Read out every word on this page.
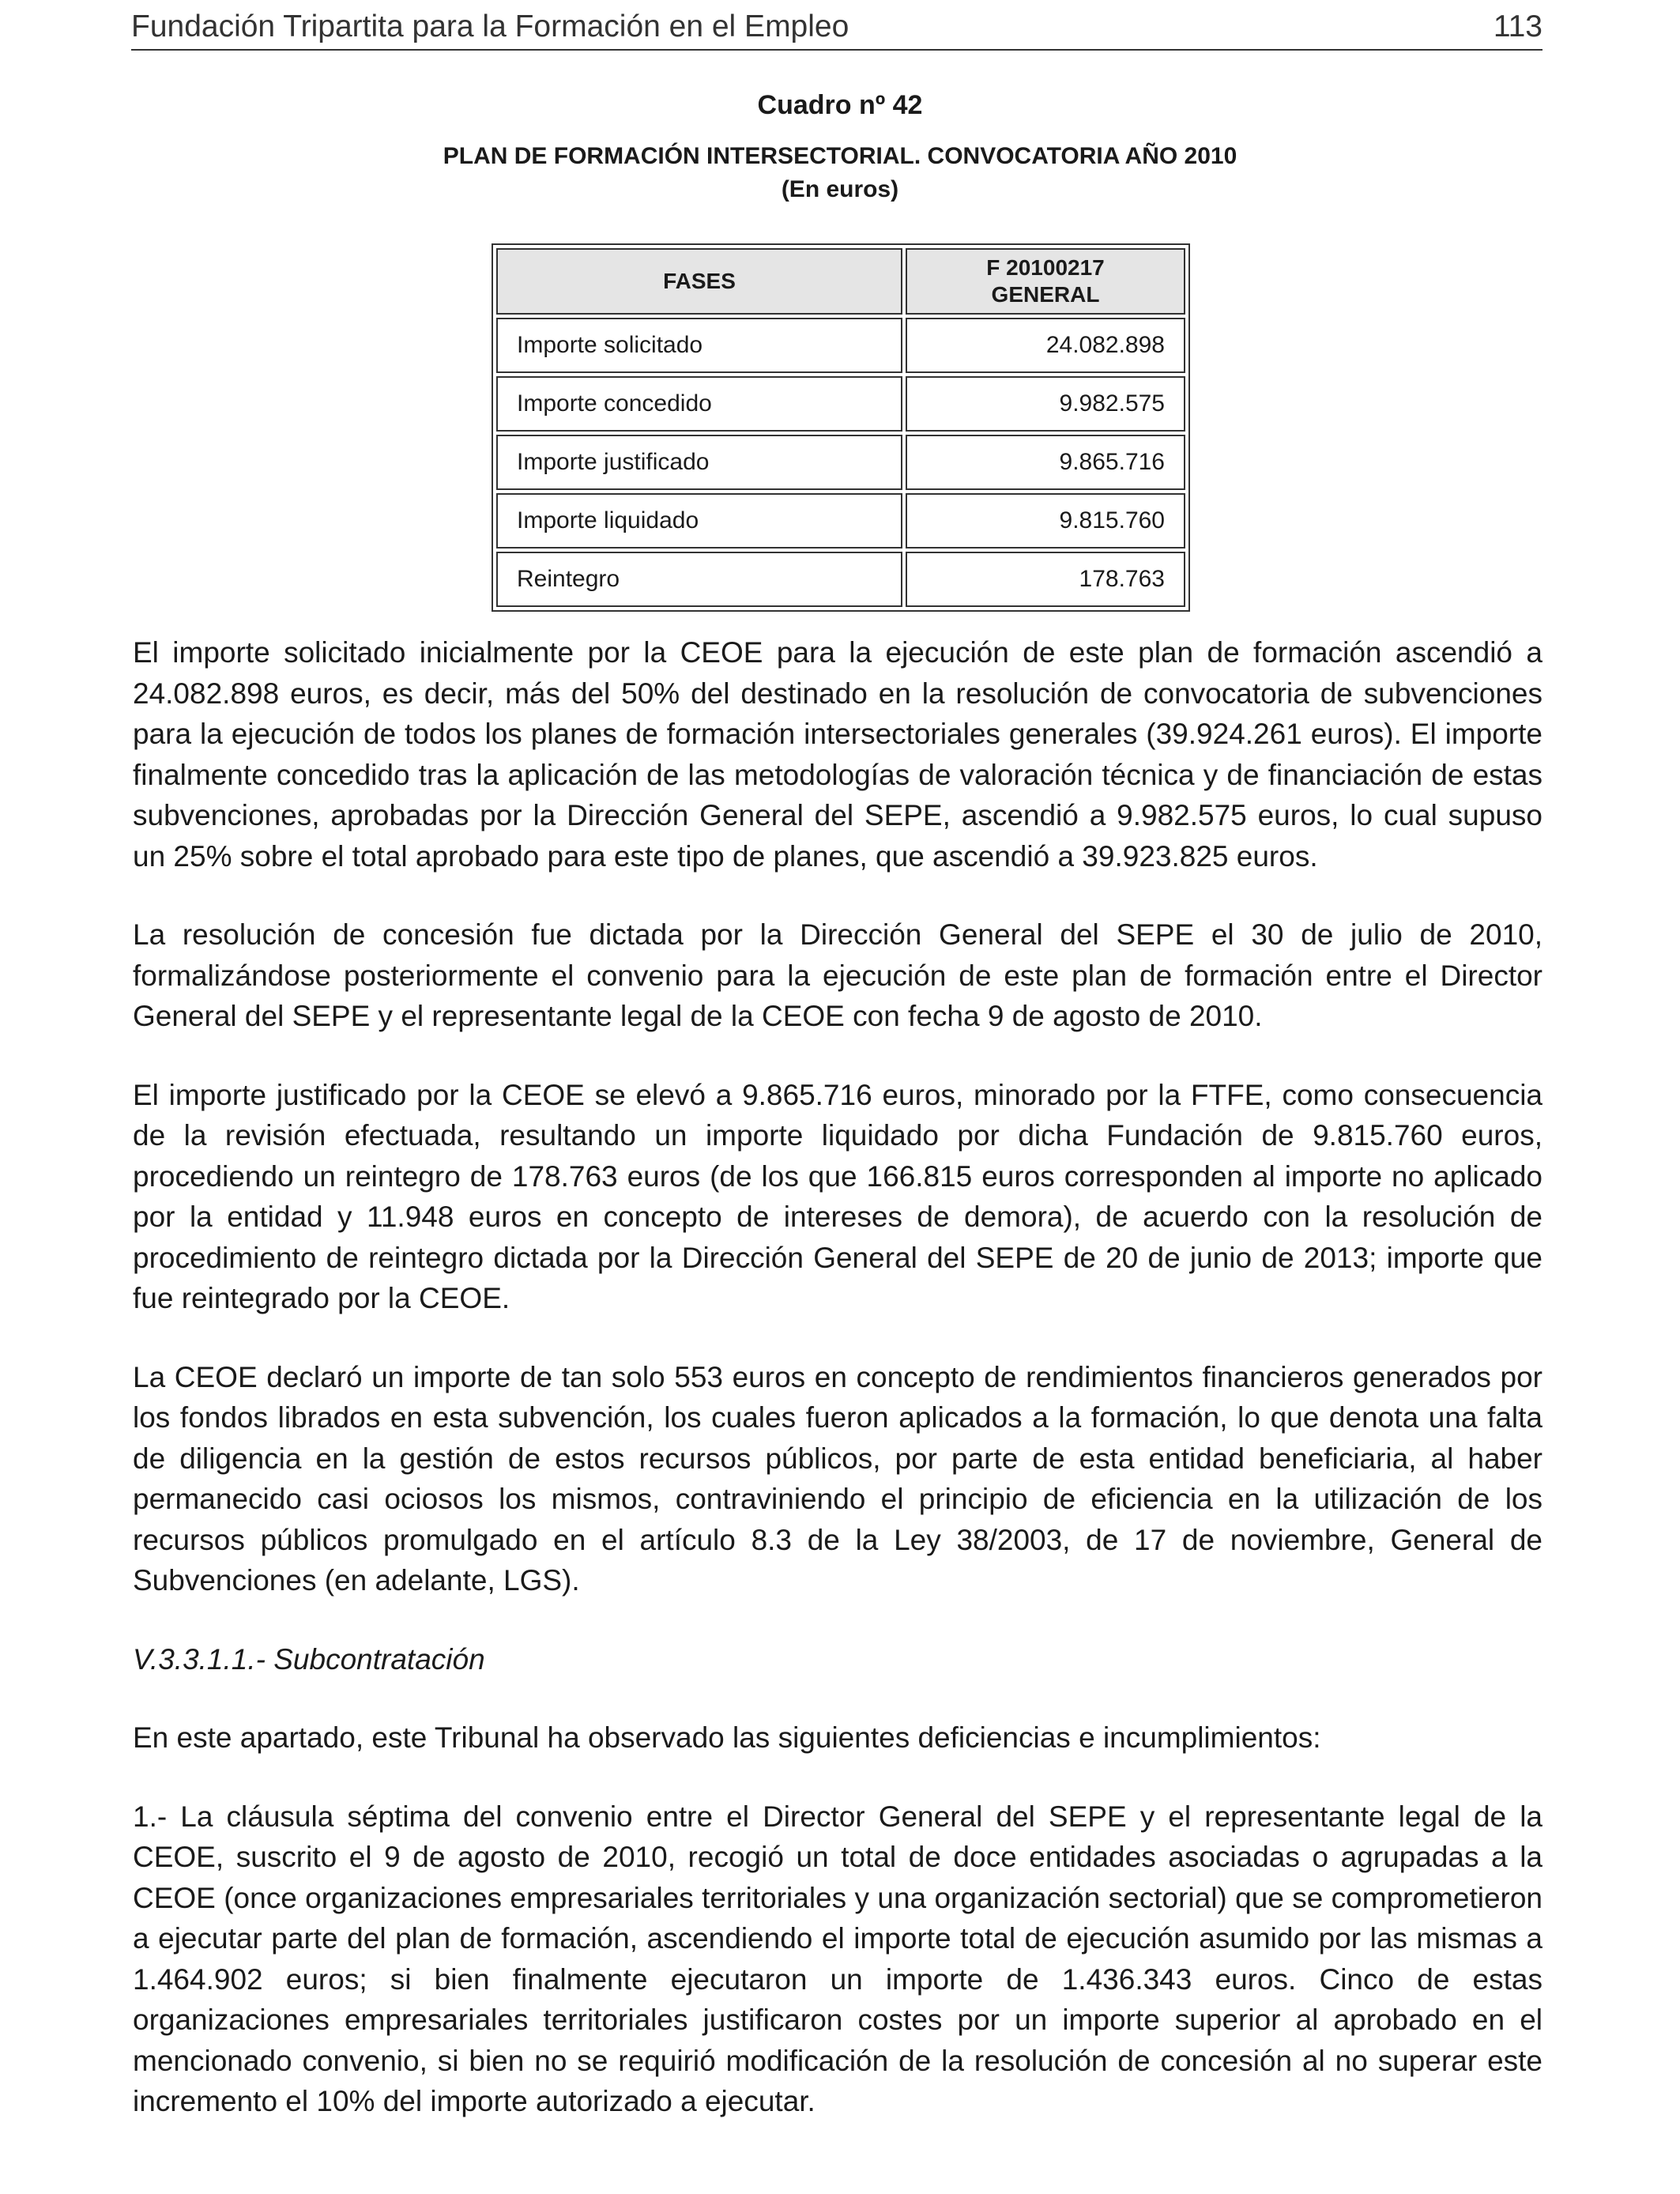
Fundación Tripartita para la Formación en el Empleo	113
Cuadro nº 42
PLAN DE FORMACIÓN INTERSECTORIAL. CONVOCATORIA AÑO 2010
(En euros)
FASES	F 20100217
GENERAL
Importe solicitado	24.082.898
Importe concedido	9.982.575
Importe justificado	9.865.716
Importe liquidado	9.815.760
Reintegro	178.763

El importe solicitado inicialmente por la CEOE para la ejecución de este plan de formación ascendió a 24.082.898 euros, es decir, más del 50% del destinado en la resolución de convocatoria de subvenciones para la ejecución de todos los planes de formación intersectoriales generales (39.924.261 euros). El importe finalmente concedido tras la aplicación de las metodologías de valoración técnica y de financiación de estas subvenciones, aprobadas por la Dirección General del SEPE, ascendió a 9.982.575 euros, lo cual supuso un 25% sobre el total aprobado para este tipo de planes, que ascendió a 39.923.825 euros.

La resolución de concesión fue dictada por la Dirección General del SEPE el 30 de julio de 2010, formalizándose posteriormente el convenio para la ejecución de este plan de formación entre el Director General del SEPE y el representante legal de la CEOE con fecha 9 de agosto de 2010.

El importe justificado por la CEOE se elevó a 9.865.716 euros, minorado por la FTFE, como consecuencia de la revisión efectuada, resultando un importe liquidado por dicha Fundación de 9.815.760 euros, procediendo un reintegro de 178.763 euros (de los que 166.815 euros corresponden al importe no aplicado por la entidad y 11.948 euros en concepto de intereses de demora), de acuerdo con la resolución de procedimiento de reintegro dictada por la Dirección General del SEPE de 20 de junio de 2013; importe que fue reintegrado por la CEOE.

La CEOE declaró un importe de tan solo 553 euros en concepto de rendimientos financieros generados por los fondos librados en esta subvención, los cuales fueron aplicados a la formación, lo que denota una falta de diligencia en la gestión de estos recursos públicos, por parte de esta entidad beneficiaria, al haber permanecido casi ociosos los mismos, contraviniendo el principio de eficiencia en la utilización de los recursos públicos promulgado en el artículo 8.3 de la Ley 38/2003, de 17 de noviembre, General de Subvenciones (en adelante, LGS).

V.3.3.1.1.- Subcontratación

En este apartado, este Tribunal ha observado las siguientes deficiencias e incumplimientos:

1.- La cláusula séptima del convenio entre el Director General del SEPE y el representante legal de la CEOE, suscrito el 9 de agosto de 2010, recogió un total de doce entidades asociadas o agrupadas a la CEOE (once organizaciones empresariales territoriales y una organización sectorial) que se comprometieron a ejecutar parte del plan de formación, ascendiendo el importe total de ejecución asumido por las mismas a 1.464.902 euros; si bien finalmente ejecutaron un importe de 1.436.343 euros. Cinco de estas organizaciones empresariales territoriales justificaron costes por un importe superior al aprobado en el mencionado convenio, si bien no se requirió modificación de la resolución de concesión al no superar este incremento el 10% del importe autorizado a ejecutar.
